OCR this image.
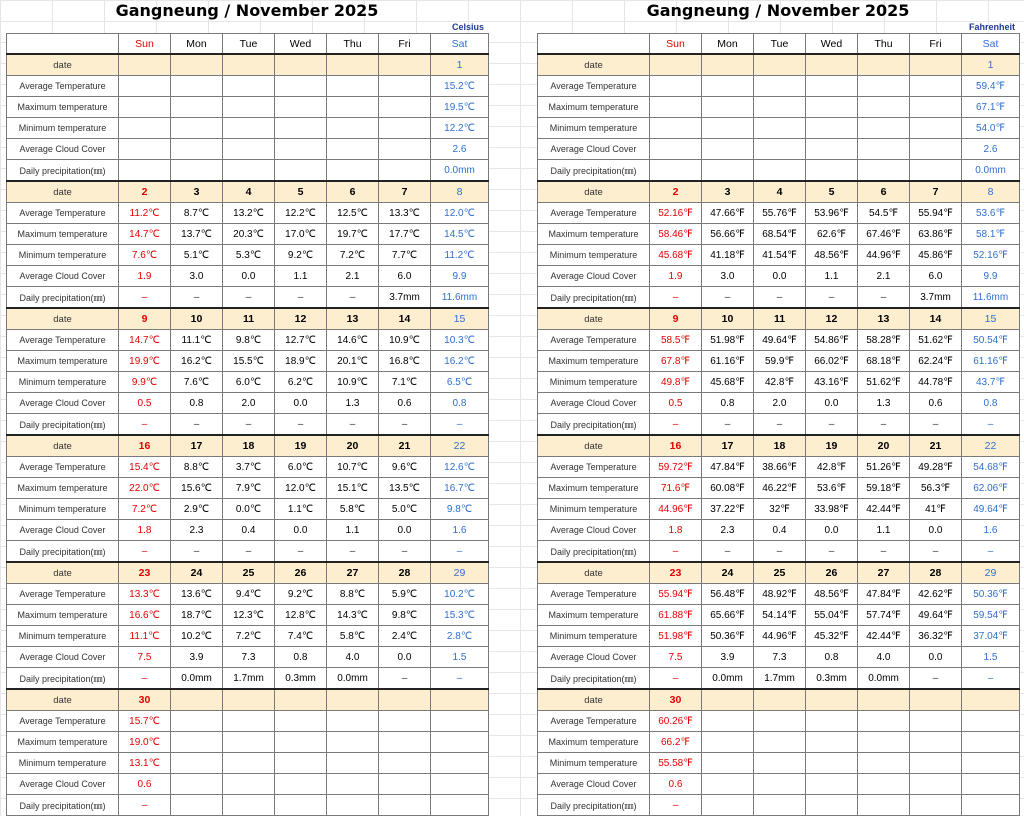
Gangneung / November 2025
Celsius
	Sun	Mon	Tue	Wed	Thu	Fri	Sat
date							1
Average Temperature							15.2℃
Maximum temperature							19.5℃
Minimum temperature							12.2℃
Average Cloud Cover							2.6
Daily precipitation(㎜)							0.0mm
date	2	3	4	5	6	7	8
Average Temperature	11.2℃	8.7℃	13.2℃	12.2℃	12.5℃	13.3℃	12.0℃
Maximum temperature	14.7℃	13.7℃	20.3℃	17.0℃	19.7℃	17.7℃	14.5℃
Minimum temperature	7.6℃	5.1℃	5.3℃	9.2℃	7.2℃	7.7℃	11.2℃
Average Cloud Cover	1.9	3.0	0.0	1.1	2.1	6.0	9.9
Daily precipitation(㎜)	–	–	–	–	–	3.7mm	11.6mm
date	9	10	11	12	13	14	15
Average Temperature	14.7℃	11.1℃	9.8℃	12.7℃	14.6℃	10.9℃	10.3℃
Maximum temperature	19.9℃	16.2℃	15.5℃	18.9℃	20.1℃	16.8℃	16.2℃
Minimum temperature	9.9℃	7.6℃	6.0℃	6.2℃	10.9℃	7.1℃	6.5℃
Average Cloud Cover	0.5	0.8	2.0	0.0	1.3	0.6	0.8
Daily precipitation(㎜)	–	–	–	–	–	–	–
date	16	17	18	19	20	21	22
Average Temperature	15.4℃	8.8℃	3.7℃	6.0℃	10.7℃	9.6℃	12.6℃
Maximum temperature	22.0℃	15.6℃	7.9℃	12.0℃	15.1℃	13.5℃	16.7℃
Minimum temperature	7.2℃	2.9℃	0.0℃	1.1℃	5.8℃	5.0℃	9.8℃
Average Cloud Cover	1.8	2.3	0.4	0.0	1.1	0.0	1.6
Daily precipitation(㎜)	–	–	–	–	–	–	–
date	23	24	25	26	27	28	29
Average Temperature	13.3℃	13.6℃	9.4℃	9.2℃	8.8℃	5.9℃	10.2℃
Maximum temperature	16.6℃	18.7℃	12.3℃	12.8℃	14.3℃	9.8℃	15.3℃
Minimum temperature	11.1℃	10.2℃	7.2℃	7.4℃	5.8℃	2.4℃	2.8℃
Average Cloud Cover	7.5	3.9	7.3	0.8	4.0	0.0	1.5
Daily precipitation(㎜)	–	0.0mm	1.7mm	0.3mm	0.0mm	–	–
date	30						
Average Temperature	15.7℃						
Maximum temperature	19.0℃						
Minimum temperature	13.1℃						
Average Cloud Cover	0.6						
Daily precipitation(㎜)	–						
Gangneung / November 2025
Fahrenheit
	Sun	Mon	Tue	Wed	Thu	Fri	Sat
date							1
Average Temperature							59.4℉
Maximum temperature							67.1℉
Minimum temperature							54.0℉
Average Cloud Cover							2.6
Daily precipitation(㎜)							0.0mm
date	2	3	4	5	6	7	8
Average Temperature	52.16℉	47.66℉	55.76℉	53.96℉	54.5℉	55.94℉	53.6℉
Maximum temperature	58.46℉	56.66℉	68.54℉	62.6℉	67.46℉	63.86℉	58.1℉
Minimum temperature	45.68℉	41.18℉	41.54℉	48.56℉	44.96℉	45.86℉	52.16℉
Average Cloud Cover	1.9	3.0	0.0	1.1	2.1	6.0	9.9
Daily precipitation(㎜)	–	–	–	–	–	3.7mm	11.6mm
date	9	10	11	12	13	14	15
Average Temperature	58.5℉	51.98℉	49.64℉	54.86℉	58.28℉	51.62℉	50.54℉
Maximum temperature	67.8℉	61.16℉	59.9℉	66.02℉	68.18℉	62.24℉	61.16℉
Minimum temperature	49.8℉	45.68℉	42.8℉	43.16℉	51.62℉	44.78℉	43.7℉
Average Cloud Cover	0.5	0.8	2.0	0.0	1.3	0.6	0.8
Daily precipitation(㎜)	–	–	–	–	–	–	–
date	16	17	18	19	20	21	22
Average Temperature	59.72℉	47.84℉	38.66℉	42.8℉	51.26℉	49.28℉	54.68℉
Maximum temperature	71.6℉	60.08℉	46.22℉	53.6℉	59.18℉	56.3℉	62.06℉
Minimum temperature	44.96℉	37.22℉	32℉	33.98℉	42.44℉	41℉	49.64℉
Average Cloud Cover	1.8	2.3	0.4	0.0	1.1	0.0	1.6
Daily precipitation(㎜)	–	–	–	–	–	–	–
date	23	24	25	26	27	28	29
Average Temperature	55.94℉	56.48℉	48.92℉	48.56℉	47.84℉	42.62℉	50.36℉
Maximum temperature	61.88℉	65.66℉	54.14℉	55.04℉	57.74℉	49.64℉	59.54℉
Minimum temperature	51.98℉	50.36℉	44.96℉	45.32℉	42.44℉	36.32℉	37.04℉
Average Cloud Cover	7.5	3.9	7.3	0.8	4.0	0.0	1.5
Daily precipitation(㎜)	–	0.0mm	1.7mm	0.3mm	0.0mm	–	–
date	30						
Average Temperature	60.26℉						
Maximum temperature	66.2℉						
Minimum temperature	55.58℉						
Average Cloud Cover	0.6						
Daily precipitation(㎜)	–						
